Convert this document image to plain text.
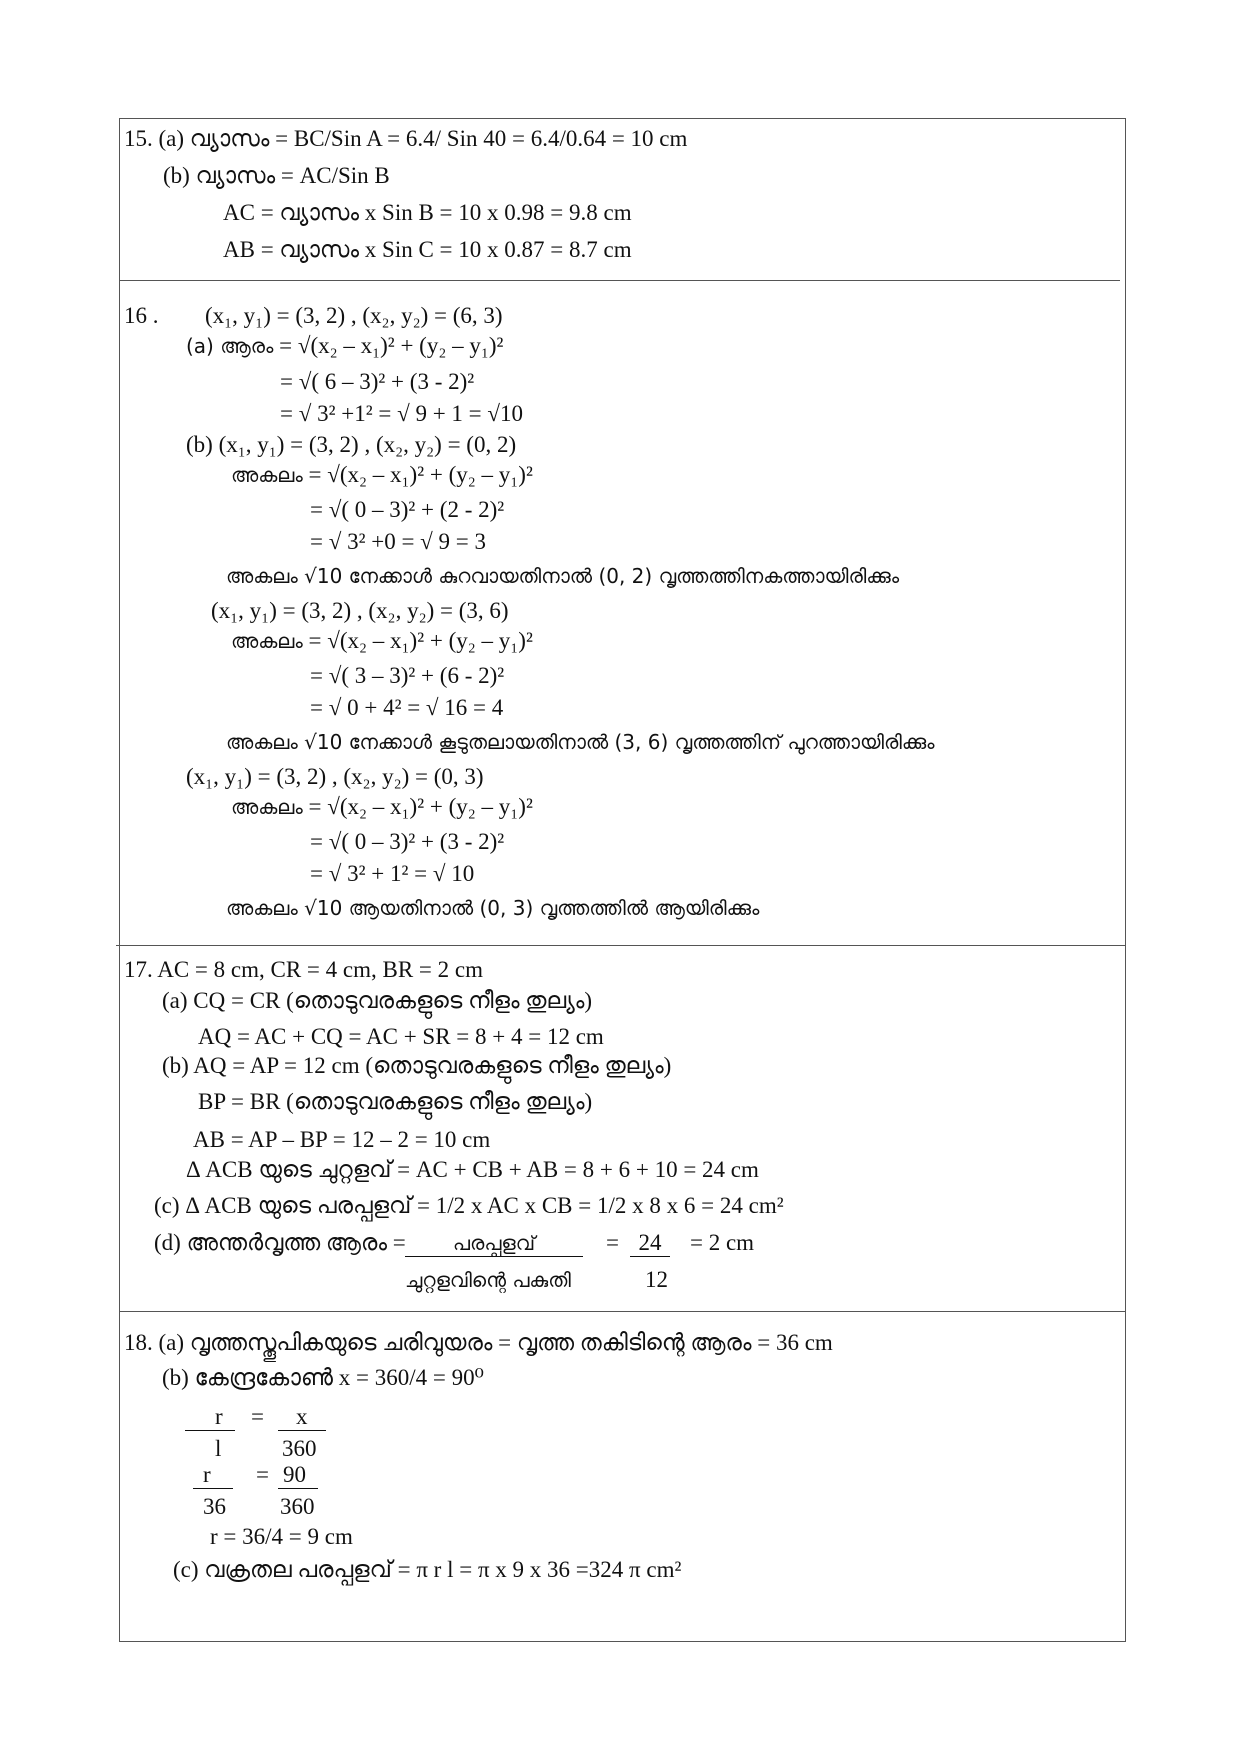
15. (a) വ്യാസം = BC/Sin A = 6.4/ Sin 40 = 6.4/0.64 = 10 cm
(b) വ്യാസം = AC/Sin B
AC = വ്യാസം x Sin B = 10 x 0.98 = 9.8 cm
AB = വ്യാസം x Sin C = 10 x 0.87 = 8.7 cm
16 . (x₁, y₁) = (3, 2) , (x₂, y₂) = (6, 3)
(a) ആരം = √(x₂ – x₁)² + (y₂ – y₁)²
= √( 6 – 3)² + (3 - 2)²
= √ 3² +1² = √ 9 + 1 = √10
(b) (x₁, y₁) = (3, 2) , (x₂, y₂) = (0, 2)
അകലം = √(x₂ – x₁)² + (y₂ – y₁)²
= √( 0 – 3)² + (2 - 2)²
= √ 3² +0 = √ 9 = 3
അകലം √10 നേക്കാൾ കുറവായതിനാൽ (0, 2) വൃത്തത്തിനകത്തായിരിക്കും
(x₁, y₁) = (3, 2) , (x₂, y₂) = (3, 6)
അകലം = √(x₂ – x₁)² + (y₂ – y₁)²
= √( 3 – 3)² + (6 - 2)²
= √ 0 + 4² = √ 16 = 4
അകലം √10 നേക്കാൾ കൂടുതലായതിനാൽ (3, 6) വൃത്തത്തിന് പുറത്തായിരിക്കും
(x₁, y₁) = (3, 2) , (x₂, y₂) = (0, 3)
അകലം = √(x₂ – x₁)² + (y₂ – y₁)²
= √( 0 – 3)² + (3 - 2)²
= √ 3² + 1² = √ 10
അകലം √10 ആയതിനാൽ (0, 3) വൃത്തത്തിൽ ആയിരിക്കും
17. AC = 8 cm, CR = 4 cm, BR = 2 cm
(a) CQ = CR (തൊടുവരകളുടെ നീളം തുല്യം)
AQ = AC + CQ = AC + SR = 8 + 4 = 12 cm
(b) AQ = AP = 12 cm (തൊടുവരകളുടെ നീളം തുല്യം)
BP = BR (തൊടുവരകളുടെ നീളം തുല്യം)
AB = AP – BP = 12 – 2 = 10 cm
Δ ACB യുടെ ചുറ്റളവ് = AC + CB + AB = 8 + 6 + 10 = 24 cm
(c) Δ ACB യുടെ പരപ്പളവ് = 1/2 x AC x CB = 1/2 x 8 x 6 = 24 cm²
(d) അന്തർവൃത്ത ആരം =	പരപ്പളവ്
ചുറ്റളവിന്റെ പകുതി
= 24
12
= 2 cm
18. (a) വൃത്തസ്തൂപികയുടെ ചരിവുയരം = വൃത്ത തകിടിന്റെ ആരം = 36 cm
(b) കേന്ദ്രകോൺ x = 360/4 = 90⁰
r
l
= x
360
r
36
= 90
360
r = 36/4 = 9 cm
(c) വക്രതല പരപ്പളവ് = π r l = π x 9 x 36 =324 π cm²
